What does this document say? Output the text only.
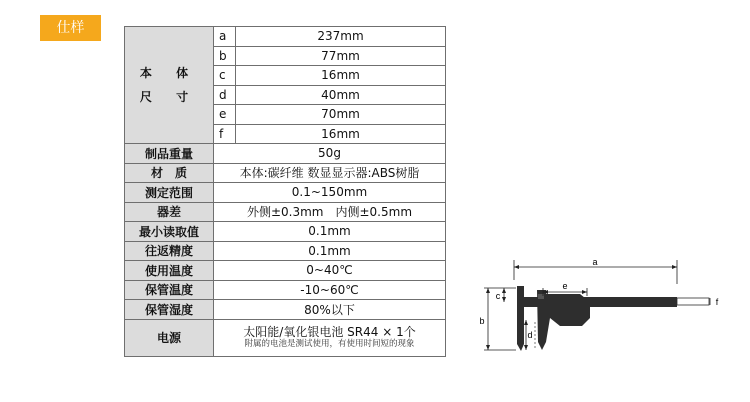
仕样
本 体
尺 寸	a	237mm
	b	77mm
	c	16mm
	d	40mm
	e	70mm
	f	16mm
制品重量	50g	
材　质	本体:碳纤维 数显显示器:ABS树脂	
测定范围	0.1~150mm	
器差	外侧±0.3mm　内侧±0.5mm	
最小读取值	0.1mm	
往返精度	0.1mm	
使用温度	0~40℃	
保管温度	-10~60℃	
保管湿度	80%以下	
电源	太阳能/氧化银电池 SR44 × 1个
附属的电池是测试使用，有使用时间短的现象	
a
b
c
d
e
f
